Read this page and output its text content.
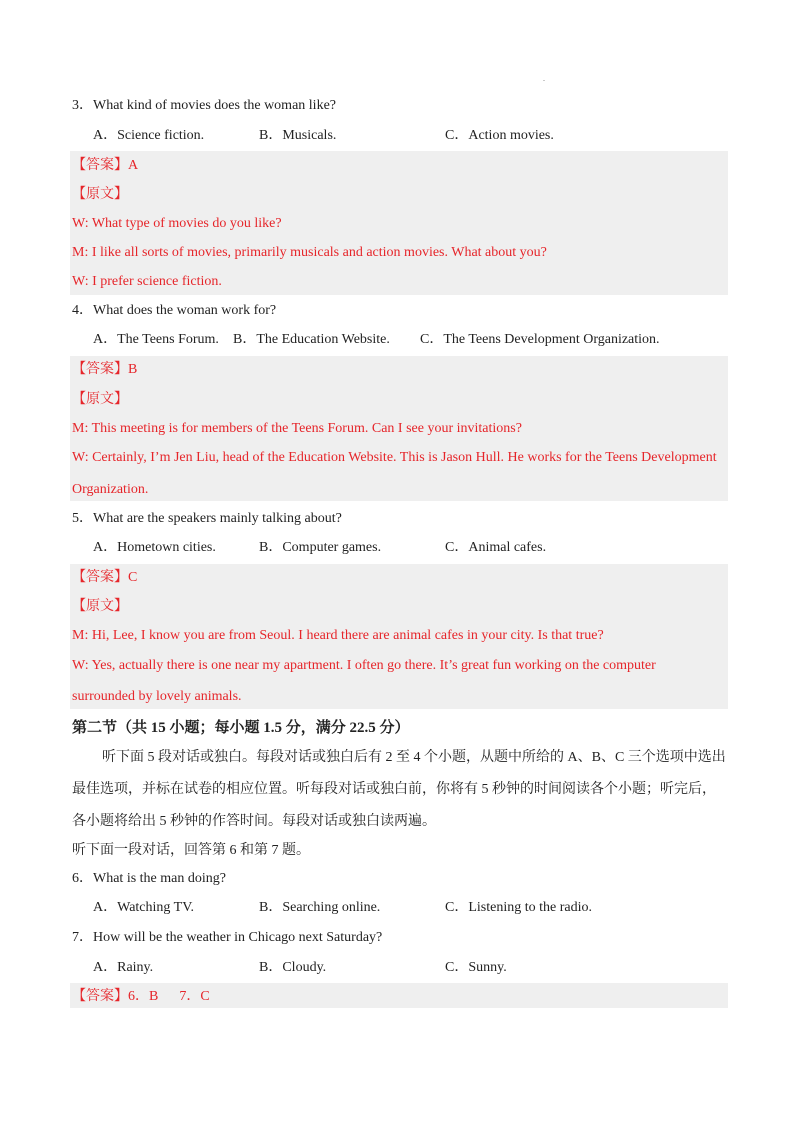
.
3．What kind of movies does the woman like?
A．Science fiction.	B．Musicals.	C．Action movies.
【答案】A
【原文】
W: What type of movies do you like?
M: I like all sorts of movies, primarily musicals and action movies. What about you?
W: I prefer science fiction.
4．What does the woman work for?
A．The Teens Forum. B．The Education Website. C．The Teens Development Organization.
【答案】B
【原文】
M: This meeting is for members of the Teens Forum. Can I see your invitations?
W: Certainly, I’m Jen Liu, head of the Education Website. This is Jason Hull. He works for the Teens Development
Organization.
5．What are the speakers mainly talking about?
A．Hometown cities.	B．Computer games.	C．Animal cafes.
【答案】C
【原文】
M: Hi, Lee, I know you are from Seoul. I heard there are animal cafes in your city. Is that true?
W: Yes, actually there is one near my apartment. I often go there. It’s great fun working on the computer
surrounded by lovely animals.
第二节（共 15 小题；每小题 1.5 分，满分 22.5 分）
听下面 5 段对话或独白。每段对话或独白后有 2 至 4 个小题，从题中所给的 A、B、C 三个选项中选出
最佳选项，并标在试卷的相应位置。听每段对话或独白前，你将有 5 秒钟的时间阅读各个小题；听完后，
各小题将给出 5 秒钟的作答时间。每段对话或独白读两遍。
听下面一段对话，回答第 6 和第 7 题。
6．What is the man doing?
A．Watching TV.	B．Searching online.	C．Listening to the radio.
7．How will be the weather in Chicago next Saturday?
A．Rainy.	B．Cloudy.	C．Sunny.
【答案】6．B      7．C
